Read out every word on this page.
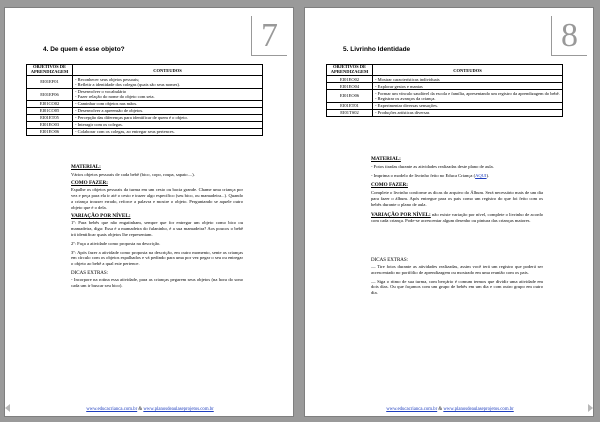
7
4. De quem é esse objeto?
OBJETIVOS DE APRENDIZAGEM	CONTEUDOS
EI01EF01	- Reconhecer seus objetos pessoais;
- Refletir a identidade dos colegas (quais são seus nomes).

EI01EF06	- Desenvolver o vocabulário
- Fazer relação do nome do objeto com seta.

EI01CO02	- Caminhar com objetos nas mãos.

EI01CO05	- Desenvolver a apreensão de objetos.

EI01ET05	- Percepção das diferenças para identificar de quem é o objeto.

EI01EO03	- Interagir com os colegas.

EI01EO06	- Colaborar com os colegas, ao entregar seus pertences.
MATERIAL:

Vários objetos pessoais de cada bebê (bico, copo, roupa, sapato....).

COMO FAZER:

Espalhe os objetos pessoais da turma em um cesto ou bacia grande. Chame uma criança por vez e peça para ela ir até o cesto e trazer algo específico (seu bico, ou mamadeira...). Quando a criança trouxer errado, reforce a palavra e mostre o objeto. Perguntando se aquele outro objeto que é o dela.

VARIAÇÃO POR NÍVEL:

1º: Para bebês que não engatinham, sempre que for entregar um objeto como bico ou mamadeira, diga: Essa é a mamadeira do fulaninho, é a sua mamadeira? Aos poucos o bebê irá identificar quais objetos lhe representam.

2º: Faça a atividade como proposta na descrição.

3º: Após fazer a atividade como proposta na descrição, em outro momento, sente as crianças em círculo com os objetos espalhados e vá pedindo para uma por vez pegar o seu ou entregar o objeto ao bebê a qual este pertence.

DICAS EXTRAS:

- Incorpore na rotina essa atividade, para as crianças pegarem seus objetos (na hora do sono cada um ir buscar seu bico).

www.educacrianca.com.br & www.planosdeaulaseprojetos.com.br
8
5. Livrinho Identidade
OBJETIVOS DE APRENDIZAGEM	CONTEUDOS
EI01EO02	- Mostrar características individuais

EI01EO04	- Explorar gestos e manias

EI01EO06	- Formar um vínculo saudável da escola e família, apresentando um registro da aprendizagem do bebê.
- Registrar os avanços da criança.

EI01ET01	- Experimentar diversas sensações.

EI01TS02	- Produções artísticas diversas
MATERIAL:

- Fotos tiradas durante as atividades realizadas deste plano de aula.

- Imprima o modelo de livrinho feito no Educa Criança (AQUI).

COMO FAZER:

Complete o livrinho conforme as dicas do arquivo do Álbum. Será necessário mais de um dia para fazer o álbum. Após entregue para os pais como um registro do que foi feito com os bebês durante o plano de aula.

VARIAÇÃO POR NÍVEL: não existe variação por nível, complete o livrinho de acordo com cada criança. Pode-se acrescentar algum desenho ou pintura das crianças maiores.

DICAS EXTRAS:

— Tire fotos durante as atividades realizadas, assim você terá um registro que poderá ser acrescentado no portfólio de aprendizagem ou mostrado em uma reunião com os pais.

— Siga o ritmo de sua turma, com berçário é comum termos que dividir uma atividade em dois dias. Ou que façamos com um grupo de bebês em um dia e com outro grupo em outro dia.

www.educacrianca.com.br & www.planosdeaulaseprojetos.com.br
